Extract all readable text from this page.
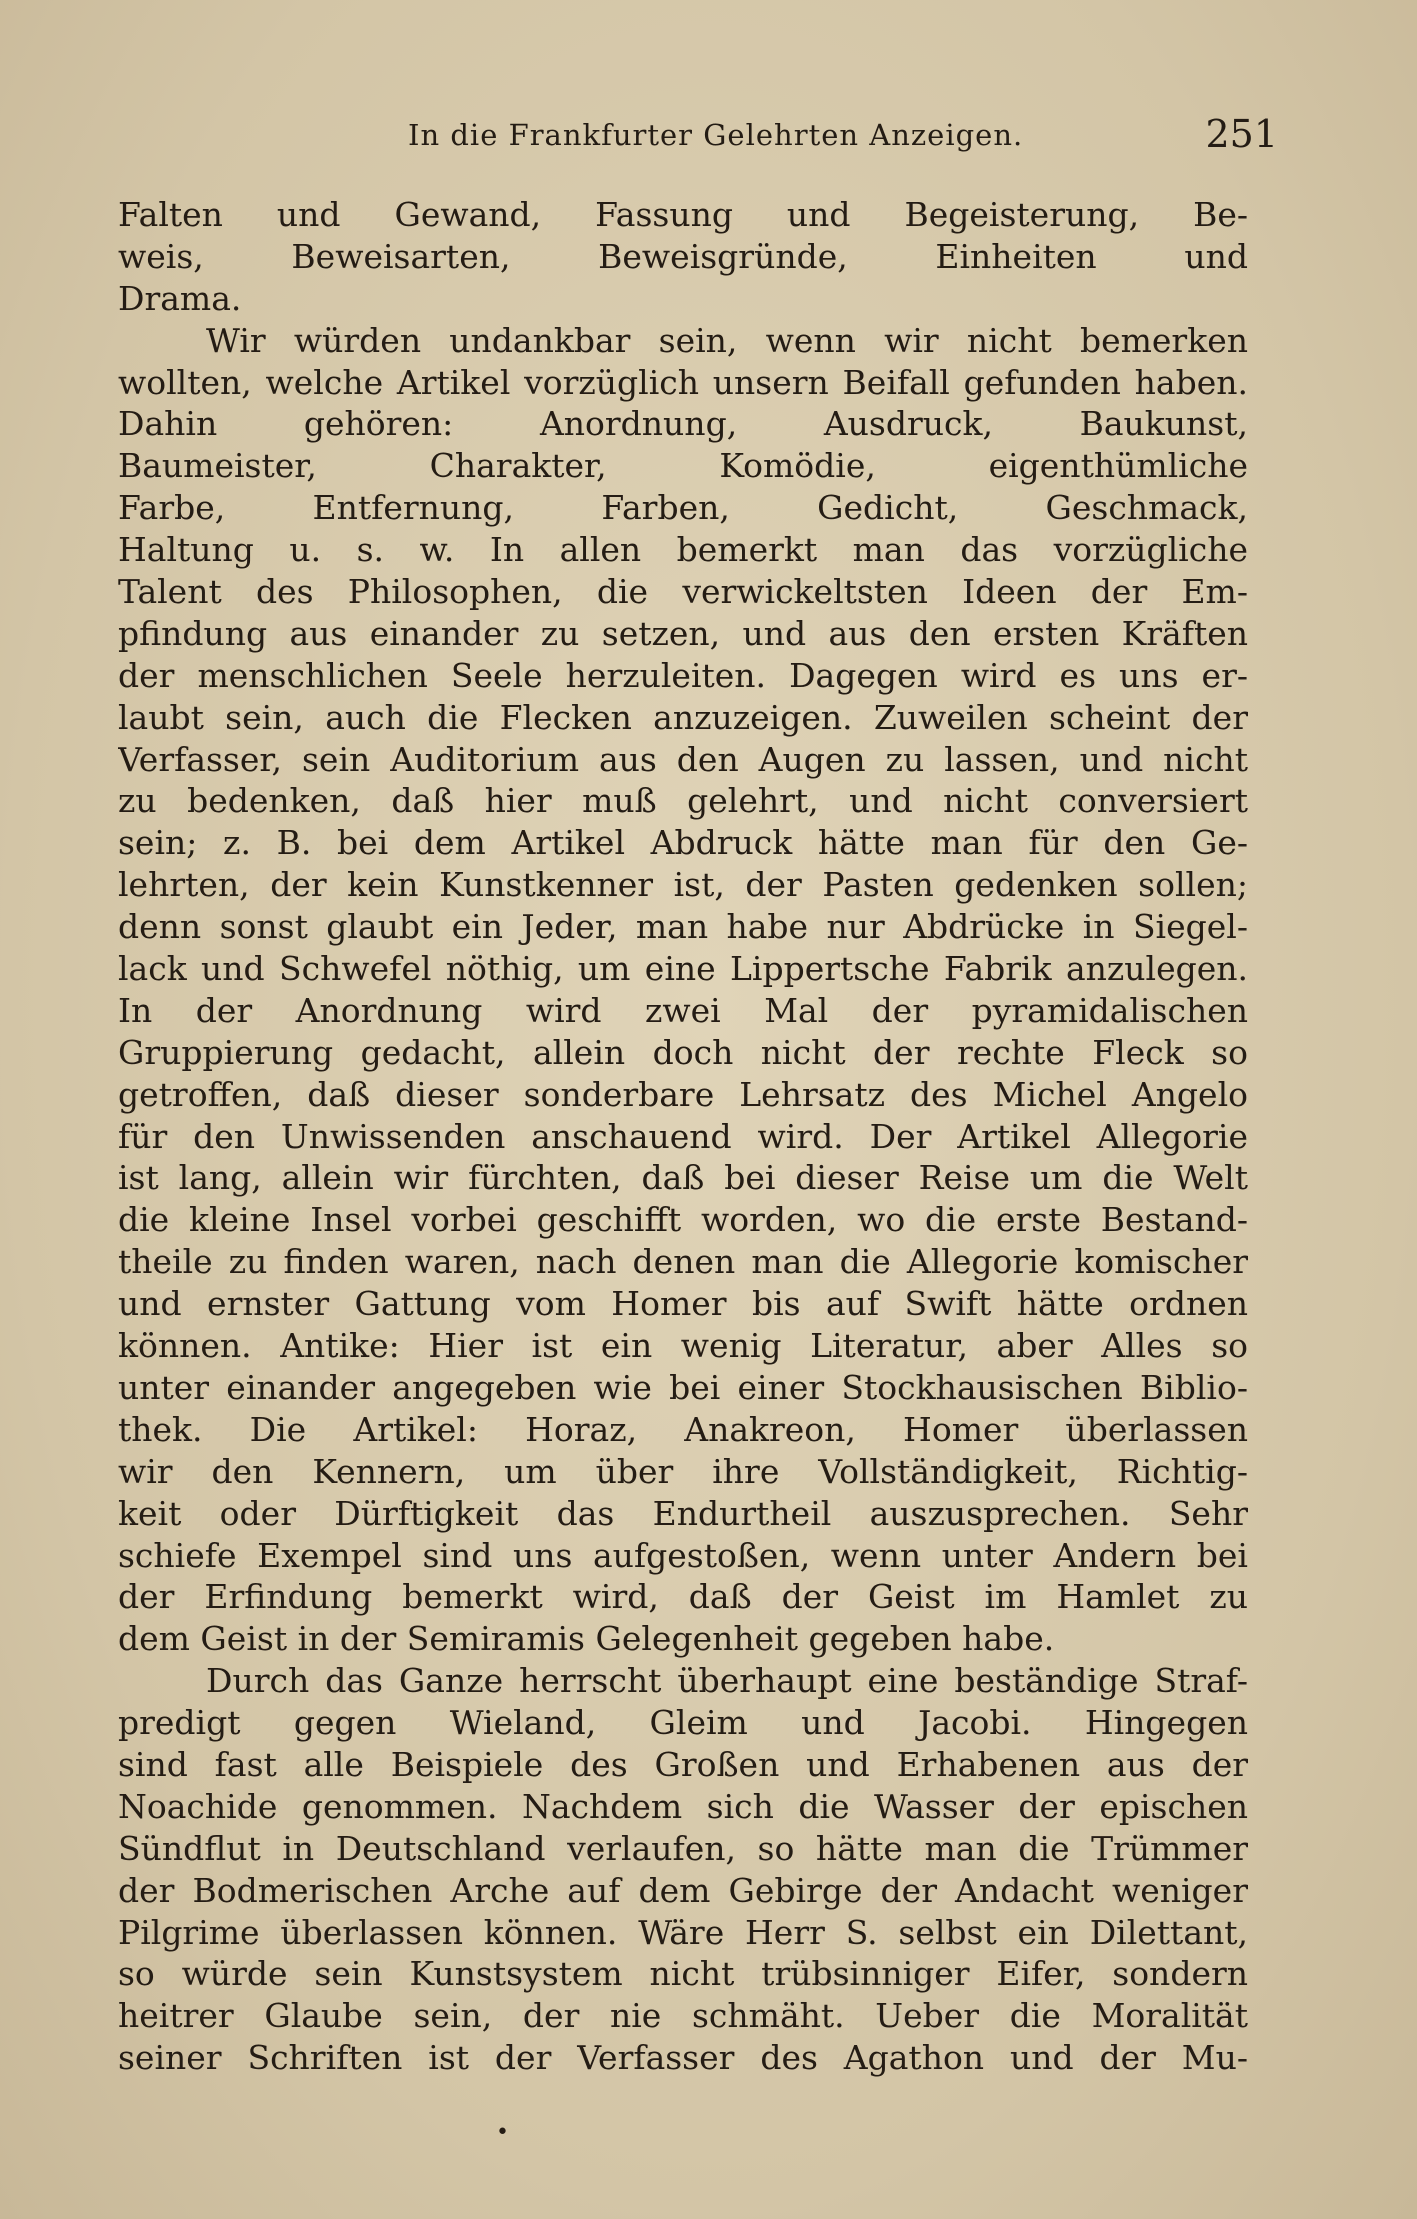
In die Frankfurter Gelehrten Anzeigen.	251
Falten und Gewand, Fassung und Begeisterung, Be-
weis, Beweisarten, Beweisgründe, Einheiten und
Drama.
Wir würden undankbar sein, wenn wir nicht bemerken
wollten, welche Artikel vorzüglich unsern Beifall gefunden haben.
Dahin gehören: Anordnung, Ausdruck, Baukunst,
Baumeister, Charakter, Komödie, eigenthümliche
Farbe, Entfernung, Farben, Gedicht, Geschmack,
Haltung u. s. w. In allen bemerkt man das vorzügliche
Talent des Philosophen, die verwickeltsten Ideen der Em-
pfindung aus einander zu setzen, und aus den ersten Kräften
der menschlichen Seele herzuleiten. Dagegen wird es uns er-
laubt sein, auch die Flecken anzuzeigen. Zuweilen scheint der
Verfasser, sein Auditorium aus den Augen zu lassen, und nicht
zu bedenken, daß hier muß gelehrt, und nicht conversiert
sein; z. B. bei dem Artikel Abdruck hätte man für den Ge-
lehrten, der kein Kunstkenner ist, der Pasten gedenken sollen;
denn sonst glaubt ein Jeder, man habe nur Abdrücke in Siegel-
lack und Schwefel nöthig, um eine Lippertsche Fabrik anzulegen.
In der Anordnung wird zwei Mal der pyramidalischen
Gruppierung gedacht, allein doch nicht der rechte Fleck so
getroffen, daß dieser sonderbare Lehrsatz des Michel Angelo
für den Unwissenden anschauend wird. Der Artikel Allegorie
ist lang, allein wir fürchten, daß bei dieser Reise um die Welt
die kleine Insel vorbei geschifft worden, wo die erste Bestand-
theile zu finden waren, nach denen man die Allegorie komischer
und ernster Gattung vom Homer bis auf Swift hätte ordnen
können. Antike: Hier ist ein wenig Literatur, aber Alles so
unter einander angegeben wie bei einer Stockhausischen Biblio-
thek. Die Artikel: Horaz, Anakreon, Homer überlassen
wir den Kennern, um über ihre Vollständigkeit, Richtig-
keit oder Dürftigkeit das Endurtheil auszusprechen. Sehr
schiefe Exempel sind uns aufgestoßen, wenn unter Andern bei
der Erfindung bemerkt wird, daß der Geist im Hamlet zu
dem Geist in der Semiramis Gelegenheit gegeben habe.
Durch das Ganze herrscht überhaupt eine beständige Straf-
predigt gegen Wieland, Gleim und Jacobi. Hingegen
sind fast alle Beispiele des Großen und Erhabenen aus der
Noachide genommen. Nachdem sich die Wasser der epischen
Sündflut in Deutschland verlaufen, so hätte man die Trümmer
der Bodmerischen Arche auf dem Gebirge der Andacht weniger
Pilgrime überlassen können. Wäre Herr S. selbst ein Dilettant,
so würde sein Kunstsystem nicht trübsinniger Eifer, sondern
heitrer Glaube sein, der nie schmäht. Ueber die Moralität
seiner Schriften ist der Verfasser des Agathon und der Mu-
•
